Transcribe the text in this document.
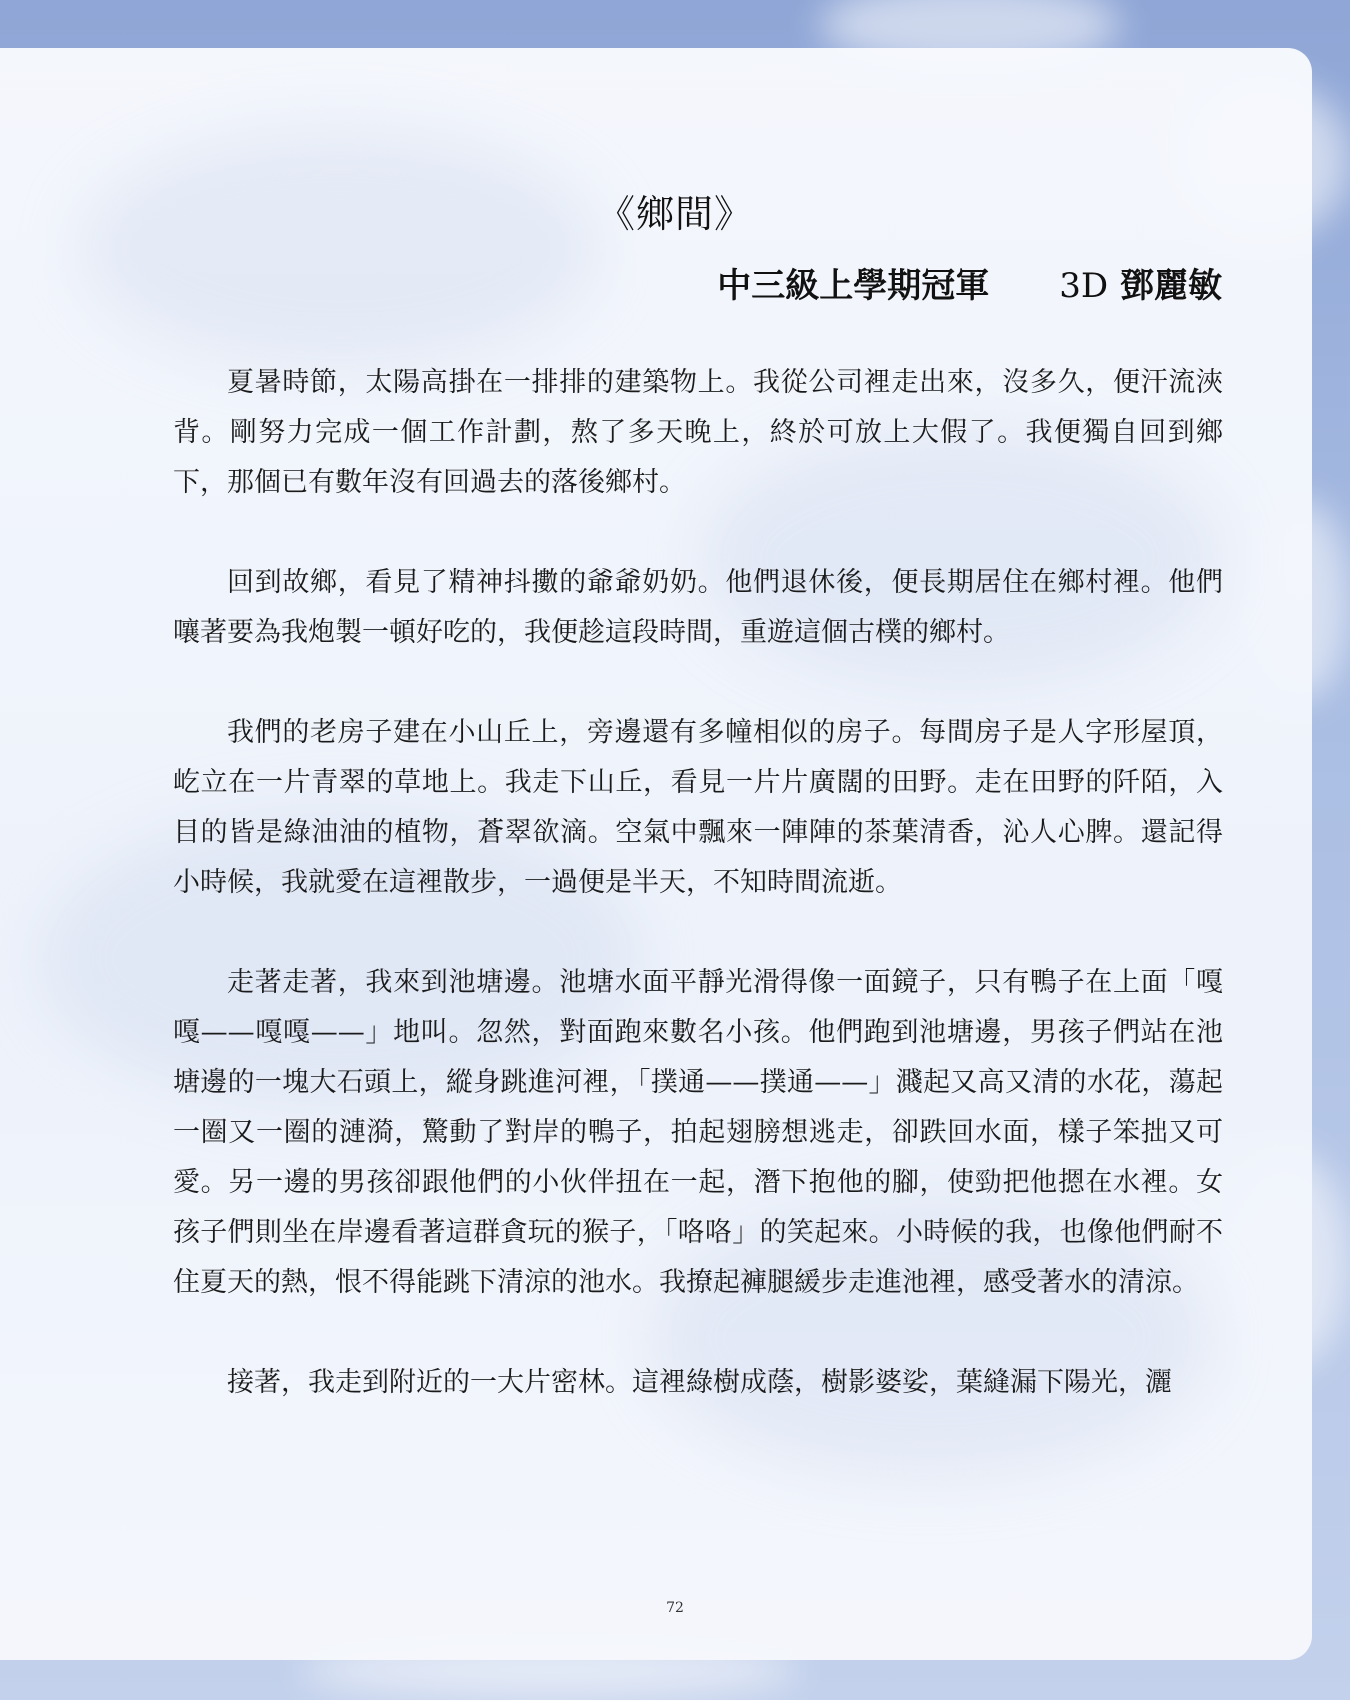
《鄉間》
中三級上學期冠軍 3D 鄧麗敏

夏暑時節，太陽高掛在一排排的建築物上。我從公司裡走出來，沒多久，便汗流浹背。剛努力完成一個工作計劃，熬了多天晚上，終於可放上大假了。我便獨自回到鄉下，那個已有數年沒有回過去的落後鄉村。

回到故鄉，看見了精神抖擻的爺爺奶奶。他們退休後，便長期居住在鄉村裡。他們嚷著要為我炮製一頓好吃的，我便趁這段時間，重遊這個古樸的鄉村。

我們的老房子建在小山丘上，旁邊還有多幢相似的房子。每間房子是人字形屋頂，屹立在一片青翠的草地上。我走下山丘，看見一片片廣闊的田野。走在田野的阡陌，入目的皆是綠油油的植物，蒼翠欲滴。空氣中飄來一陣陣的茶葉清香，沁人心脾。還記得小時候，我就愛在這裡散步，一過便是半天，不知時間流逝。

走著走著，我來到池塘邊。池塘水面平靜光滑得像一面鏡子，只有鴨子在上面「嘎嘎——嘎嘎——」地叫。忽然，對面跑來數名小孩。他們跑到池塘邊，男孩子們站在池塘邊的一塊大石頭上，縱身跳進河裡，「撲通——撲通——」濺起又高又清的水花，蕩起一圈又一圈的漣漪，驚動了對岸的鴨子，拍起翅膀想逃走，卻跌回水面，樣子笨拙又可愛。另一邊的男孩卻跟他們的小伙伴扭在一起，潛下抱他的腳，使勁把他摁在水裡。女孩子們則坐在岸邊看著這群貪玩的猴子，「咯咯」的笑起來。小時候的我，也像他們耐不住夏天的熱，恨不得能跳下清涼的池水。我撩起褲腿緩步走進池裡，感受著水的清涼。

接著，我走到附近的一大片密林。這裡綠樹成蔭，樹影婆娑，葉縫漏下陽光，灑

72
